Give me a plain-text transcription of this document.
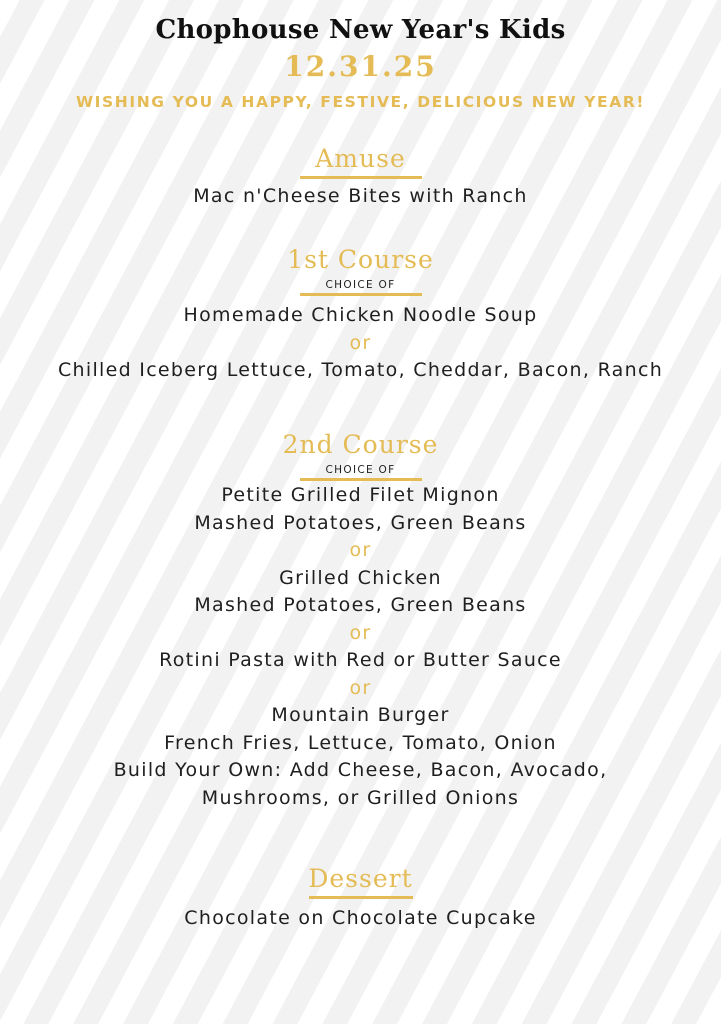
Chophouse New Year's Kids
12.31.25
WISHING YOU A HAPPY, FESTIVE, DELICIOUS NEW YEAR!
Amuse
Mac n'Cheese Bites with Ranch
1st Course
CHOICE OF
Homemade Chicken Noodle Soup
or
Chilled Iceberg Lettuce, Tomato, Cheddar, Bacon, Ranch
2nd Course
CHOICE OF
Petite Grilled Filet Mignon
Mashed Potatoes, Green Beans
or
Grilled Chicken
Mashed Potatoes, Green Beans
or
Rotini Pasta with Red or Butter Sauce
or
Mountain Burger
French Fries, Lettuce, Tomato, Onion
Build Your Own: Add Cheese, Bacon, Avocado,
Mushrooms, or Grilled Onions
Dessert
Chocolate on Chocolate Cupcake
